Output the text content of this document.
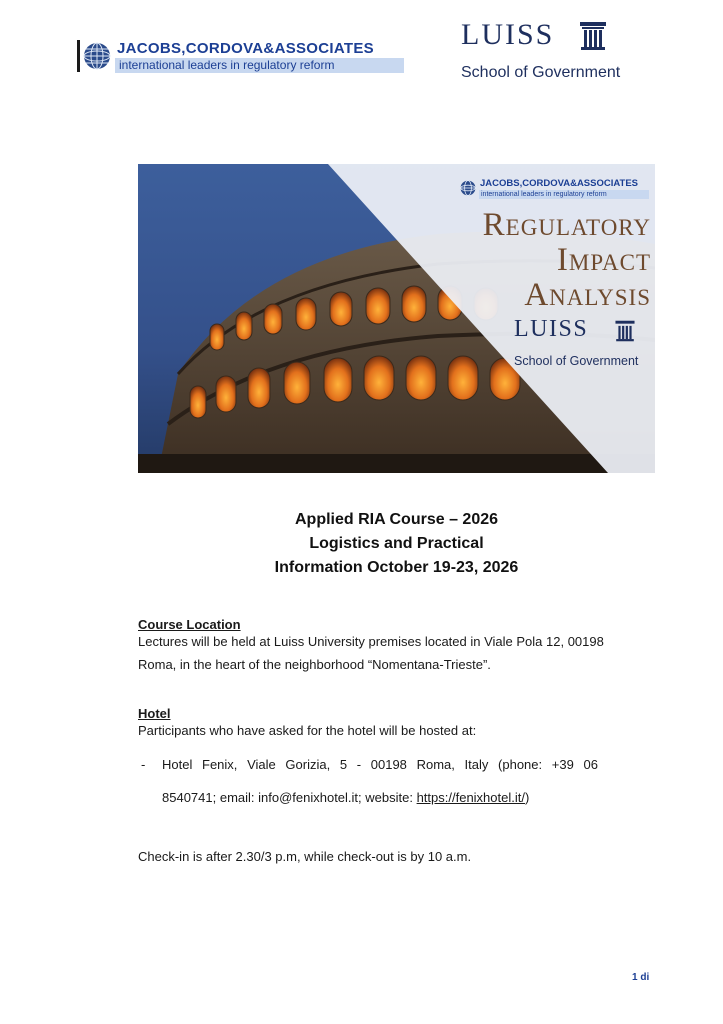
JACOBS,CORDOVA&ASSOCIATES
international leaders in regulatory reform
LUISS
School of Government
JACOBS,CORDOVA&ASSOCIATES
international leaders in regulatory reform
Regulatory
Impact
Analysis
LUISS
School of Government
Applied RIA Course – 2026
Logistics and Practical
Information October 19-23, 2026
Course Location

Lectures will be held at Luiss University premises located in Viale Pola 12, 00198

Roma, in the heart of the neighborhood “Nomentana-Trieste”.

Hotel

Participants who have asked for the hotel will be hosted at:

- Hotel Fenix, Viale Gorizia, 5 - 00198 Roma, Italy (phone: +39 06
8540741; email: info@fenixhotel.it; website: https://fenixhotel.it/)
Check-in is after 2.30/3 p.m, while check-out is by 10 a.m.
1 di
